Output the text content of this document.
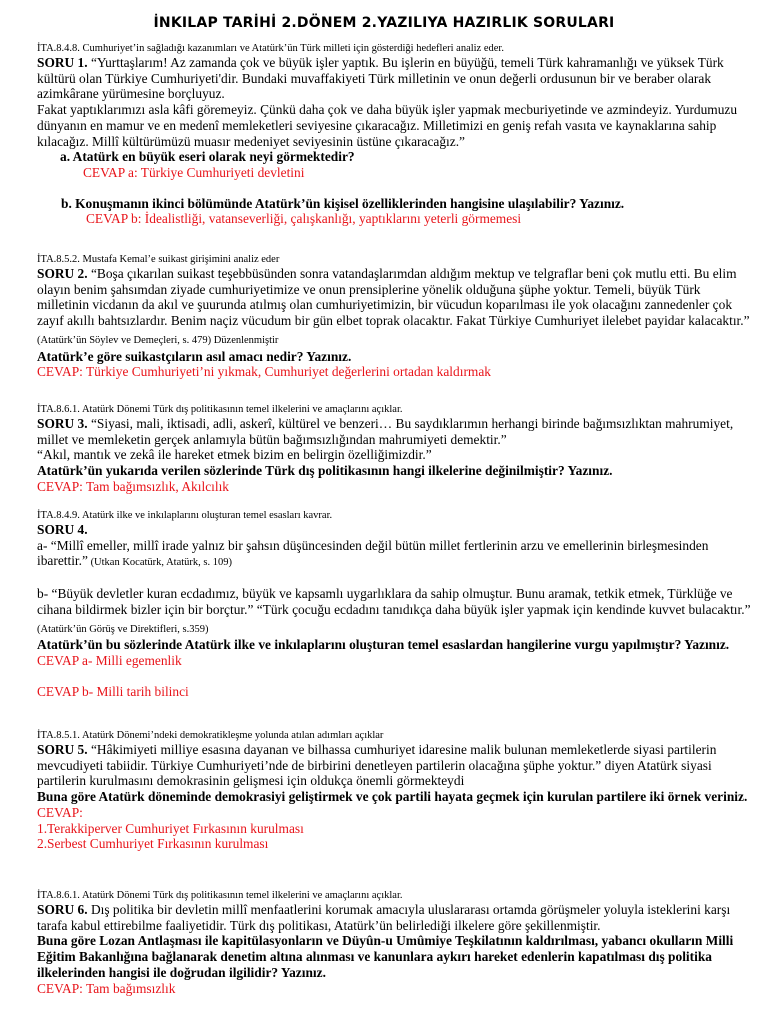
İNKILAP TARİHİ 2.DÖNEM 2.YAZILIYA HAZIRLIK SORULARI
İTA.8.4.8. Cumhuriyet’in sağladığı kazanımları ve Atatürk’ün Türk milleti için gösterdiği hedefleri analiz eder.

SORU 1. “Yurttaşlarım! Az zamanda çok ve büyük işler yaptık. Bu işlerin en büyüğü, temeli Türk kahramanlığı ve yüksek Türk kültürü olan Türkiye Cumhuriyeti'dir. Bundaki muvaffakiyeti Türk milletinin ve onun değerli ordusunun bir ve beraber olarak azimkârane yürümesine borçluyuz.

Fakat yaptıklarımızı asla kâfi göremeyiz. Çünkü daha çok ve daha büyük işler yapmak mecburiyetinde ve azmindeyiz. Yurdumuzu dünyanın en mamur ve en medenî memleketleri seviyesine çıkaracağız. Milletimizi en geniş refah vasıta ve kaynaklarına sahip kılacağız. Millî kültürümüzü muasır medeniyet seviyesinin üstüne çıkaracağız.”

a. Atatürk en büyük eseri olarak neyi görmektedir?

CEVAP a: Türkiye Cumhuriyeti devletini

b. Konuşmanın ikinci bölümünde Atatürk’ün kişisel özelliklerinden hangisine ulaşılabilir? Yazınız.

CEVAP b: İdealistliği, vatanseverliği, çalışkanlığı, yaptıklarını yeterli görmemesi

İTA.8.5.2. Mustafa Kemal’e suikast girişimini analiz eder

SORU 2. “Boşa çıkarılan suikast teşebbüsünden sonra vatandaşlarımdan aldığım mektup ve telgraflar beni çok mutlu etti. Bu elim olayın benim şahsımdan ziyade cumhuriyetimize ve onun prensiplerine yönelik olduğuna şüphe yoktur. Temeli, büyük Türk milletinin vicdanın da akıl ve şuurunda atılmış olan cumhuriyetimizin, bir vücudun koparılması ile yok olacağını zannedenler çok zayıf akıllı bahtsızlardır. Benim naçiz vücudum bir gün elbet toprak olacaktır. Fakat Türkiye Cumhuriyet ilelebet payidar kalacaktır.” (Atatürk’ün Söylev ve Demeçleri, s. 479) Düzenlenmiştir

Atatürk’e göre suikastçıların asıl amacı nedir? Yazınız.

CEVAP: Türkiye Cumhuriyeti’ni yıkmak, Cumhuriyet değerlerini ortadan kaldırmak

İTA.8.6.1. Atatürk Dönemi Türk dış politikasının temel ilkelerini ve amaçlarını açıklar.

SORU 3. “Siyasi, mali, iktisadi, adli, askerî, kültürel ve benzeri… Bu saydıklarımın herhangi birinde bağımsızlıktan mahrumiyet, millet ve memleketin gerçek anlamıyla bütün bağımsızlığından mahrumiyeti demektir.”

“Akıl, mantık ve zekâ ile hareket etmek bizim en belirgin özelliğimizdir.”

Atatürk’ün yukarıda verilen sözlerinde Türk dış politikasının hangi ilkelerine değinilmiştir? Yazınız.

CEVAP: Tam bağımsızlık, Akılcılık

İTA.8.4.9. Atatürk ilke ve inkılaplarını oluşturan temel esasları kavrar.

SORU 4.

a- “Millî emeller, millî irade yalnız bir şahsın düşüncesinden değil bütün millet fertlerinin arzu ve emellerinin birleşmesinden ibarettir.” (Utkan Kocatürk, Atatürk, s. 109)

b- “Büyük devletler kuran ecdadımız, büyük ve kapsamlı uygarlıklara da sahip olmuştur. Bunu aramak, tetkik etmek, Türklüğe ve cihana bildirmek bizler için bir borçtur.” “Türk çocuğu ecdadını tanıdıkça daha büyük işler yapmak için kendinde kuvvet bulacaktır.” (Atatürk’ün Görüş ve Direktifleri, s.359)

Atatürk’ün bu sözlerinde Atatürk ilke ve inkılaplarını oluşturan temel esaslardan hangilerine vurgu yapılmıştır? Yazınız.

CEVAP a- Milli egemenlik

CEVAP b- Milli tarih bilinci

İTA.8.5.1. Atatürk Dönemi’ndeki demokratikleşme yolunda atılan adımları açıklar

SORU 5. “Hâkimiyeti milliye esasına dayanan ve bilhassa cumhuriyet idaresine malik bulunan memleketlerde siyasi partilerin mevcudiyeti tabiidir. Türkiye Cumhuriyeti’nde de birbirini denetleyen partilerin olacağına şüphe yoktur.” diyen Atatürk siyasi partilerin kurulmasını demokrasinin gelişmesi için oldukça önemli görmekteydi

Buna göre Atatürk döneminde demokrasiyi geliştirmek ve çok partili hayata geçmek için kurulan partilere iki örnek veriniz.

CEVAP:

1.Terakkiperver Cumhuriyet Fırkasının kurulması

2.Serbest Cumhuriyet Fırkasının kurulması

İTA.8.6.1. Atatürk Dönemi Türk dış politikasının temel ilkelerini ve amaçlarını açıklar.

SORU 6. Dış politika bir devletin millî menfaatlerini korumak amacıyla uluslararası ortamda görüşmeler yoluyla isteklerini karşı tarafa kabul ettirebilme faaliyetidir. Türk dış politikası, Atatürk’ün belirlediği ilkelere göre şekillenmiştir.

Buna göre Lozan Antlaşması ile kapitülasyonların ve Düyûn-u Umûmiye Teşkilatının kaldırılması, yabancı okulların Milli Eğitim Bakanlığına bağlanarak denetim altına alınması ve kanunlara aykırı hareket edenlerin kapatılması dış politika ilkelerinden hangisi ile doğrudan ilgilidir? Yazınız.

CEVAP: Tam bağımsızlık
